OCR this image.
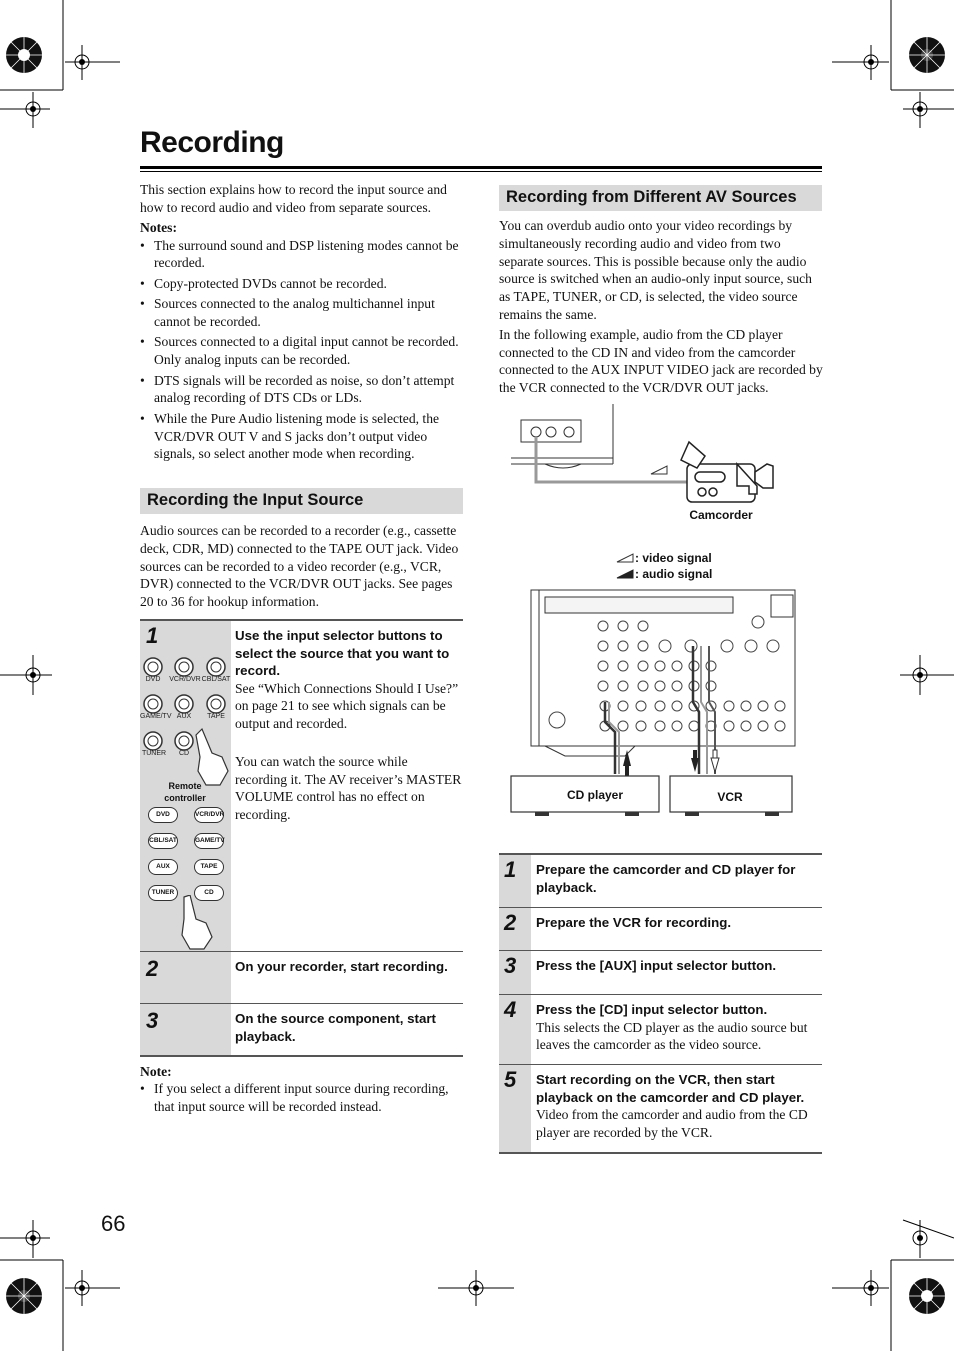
Recording

This section explains how to record the input source and how to record audio and video from separate sources.

Notes:
• The surround sound and DSP listening modes cannot be recorded.
• Copy-protected DVDs cannot be recorded.
• Sources connected to the analog multichannel input cannot be recorded.
• Sources connected to a digital input cannot be recorded. Only analog inputs can be recorded.
• DTS signals will be recorded as noise, so don’t attempt analog recording of DTS CDs or LDs.
• While the Pure Audio listening mode is selected, the VCR/DVR OUT V and S jacks don’t output video signals, so select another mode when recording.
Recording the Input Source

Audio sources can be recorded to a recorder (e.g., cassette deck, CDR, MD) connected to the TAPE OUT jack. Video sources can be recorded to a video recorder (e.g., VCR, DVR) connected to the VCR/DVR OUT jacks. See pages 20 to 36 for hookup information.

1
DVD	VCR/DVR CBL/SAT
GAME/TV AUX	TAPE
TUNER	CD
Remote controller
DVD	VCR/DVR
CBL/SAT	GAME/TV
AUX	TAPE
TUNER	CD
Use the input selector buttons to select the source that you want to record.

See “Which Connections Should I Use?” on page 21 to see which signals can be output and recorded.

You can watch the source while recording it. The AV receiver’s MASTER VOLUME control has no effect on recording.

2	On your recorder, start recording.
3	On the source component, start playback.
Note:
• If you select a different input source during recording, that input source will be recorded instead.
Recording from Different AV Sources

You can overdub audio onto your video recordings by simultaneously recording audio and video from two separate sources. This is possible because only the audio source is switched when an audio-only input source, such as TAPE, TUNER, or CD, is selected, the video source remains the same.

In the following example, audio from the CD player connected to the CD IN and video from the camcorder connected to the AUX INPUT VIDEO jack are recorded by the VCR connected to the VCR/DVR OUT jacks.

Camcorder
: video signal
: audio signal
CD player	VCR
1 Prepare the camcorder and CD player for playback.
2 Prepare the VCR for recording.
3 Press the [AUX] input selector button.
4 Press the [CD] input selector button.

This selects the CD player as the audio source but leaves the camcorder as the video source.

5 Start recording on the VCR, then start playback on the camcorder and CD player.

Video from the camcorder and audio from the CD player are recorded by the VCR.

66
